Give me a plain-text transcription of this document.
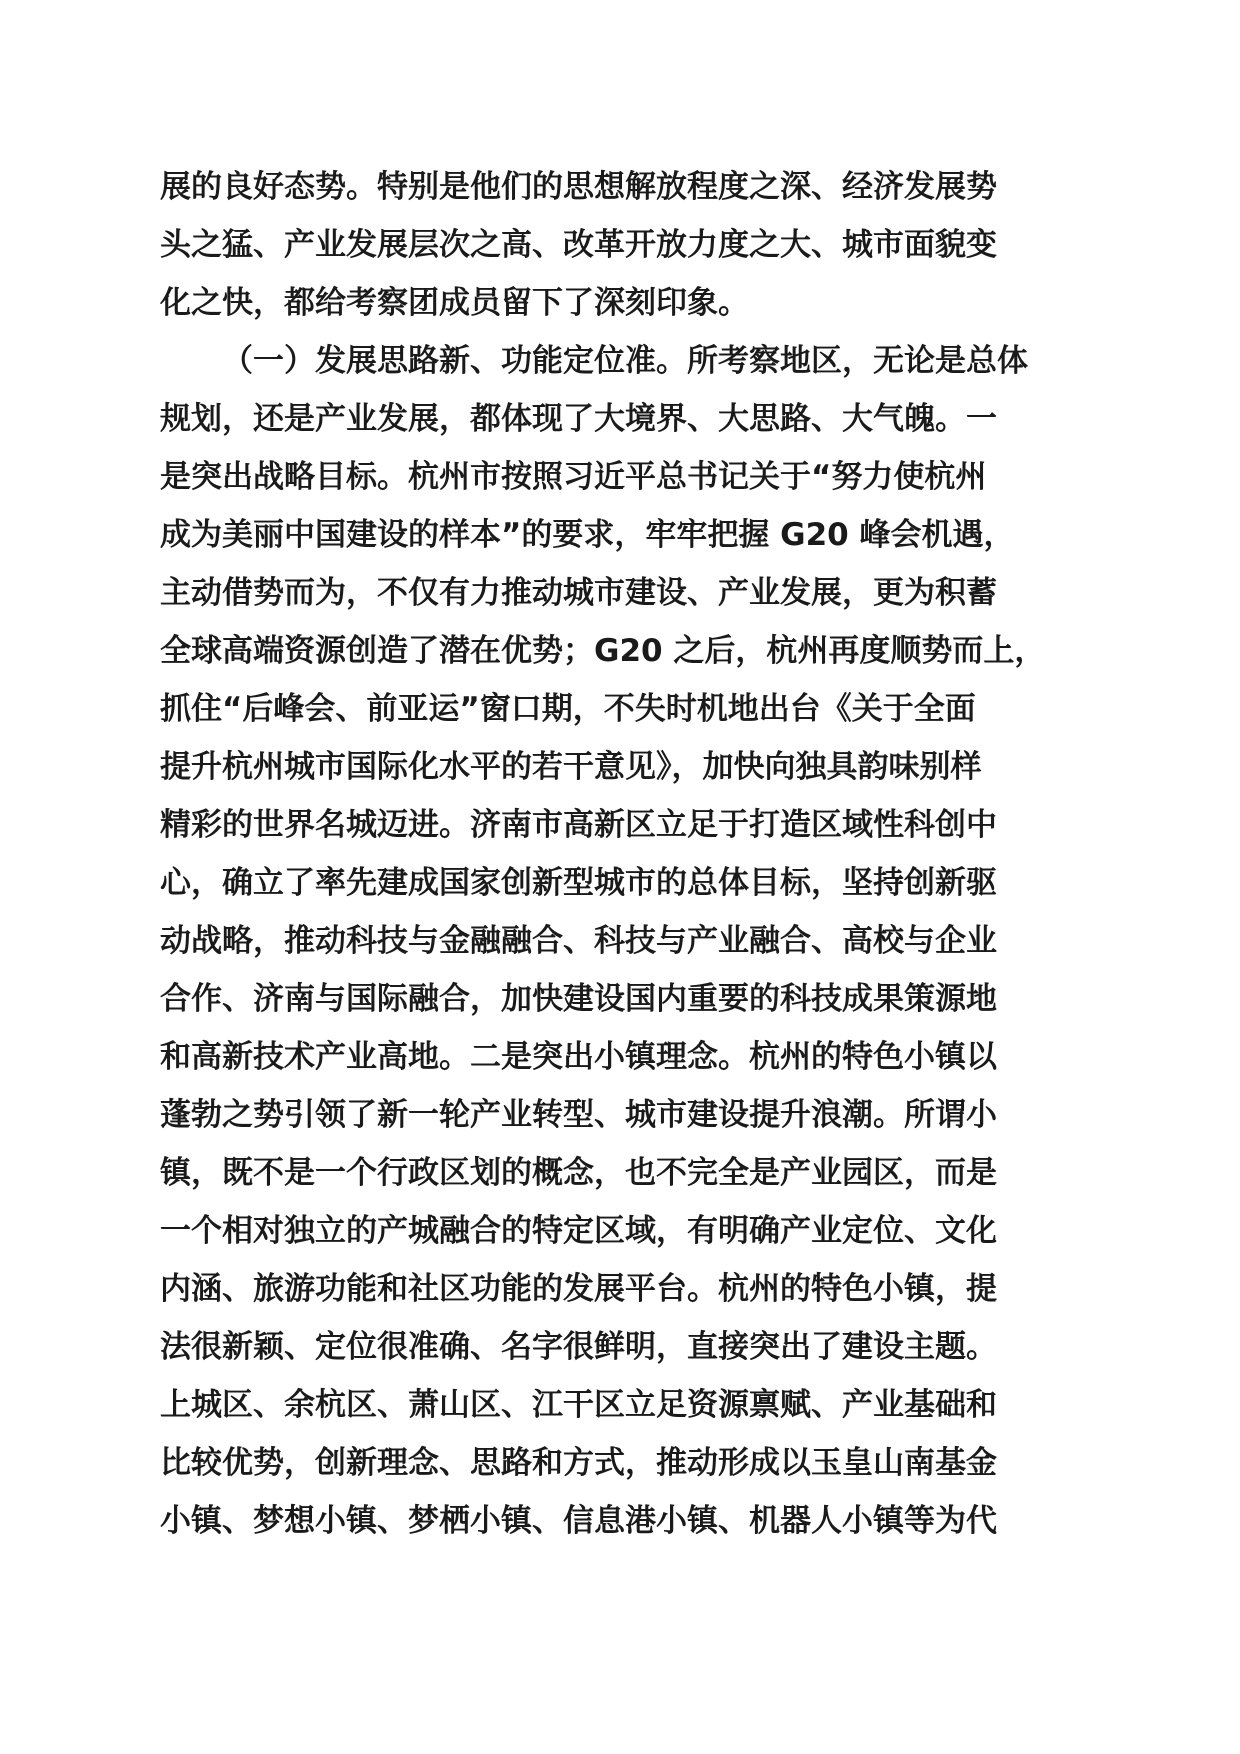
展的良好态势。特别是他们的思想解放程度之深、经济发展势
头之猛、产业发展层次之高、改革开放力度之大、城市面貌变
化之快，都给考察团成员留下了深刻印象。
（一）发展思路新、功能定位准。所考察地区，无论是总体
规划，还是产业发展，都体现了大境界、大思路、大气魄。一
是突出战略目标。杭州市按照习近平总书记关于“努力使杭州
成为美丽中国建设的样本”的要求，牢牢把握 G20 峰会机遇，
主动借势而为，不仅有力推动城市建设、产业发展，更为积蓄
全球高端资源创造了潜在优势；G20 之后，杭州再度顺势而上，
抓住“后峰会、前亚运”窗口期，不失时机地出台《关于全面
提升杭州城市国际化水平的若干意见》，加快向独具韵味别样
精彩的世界名城迈进。济南市高新区立足于打造区域性科创中
心，确立了率先建成国家创新型城市的总体目标，坚持创新驱
动战略，推动科技与金融融合、科技与产业融合、高校与企业
合作、济南与国际融合，加快建设国内重要的科技成果策源地
和高新技术产业高地。二是突出小镇理念。杭州的特色小镇以
蓬勃之势引领了新一轮产业转型、城市建设提升浪潮。所谓小
镇，既不是一个行政区划的概念，也不完全是产业园区，而是
一个相对独立的产城融合的特定区域，有明确产业定位、文化
内涵、旅游功能和社区功能的发展平台。杭州的特色小镇，提
法很新颖、定位很准确、名字很鲜明，直接突出了建设主题。
上城区、余杭区、萧山区、江干区立足资源禀赋、产业基础和
比较优势，创新理念、思路和方式，推动形成以玉皇山南基金
小镇、梦想小镇、梦栖小镇、信息港小镇、机器人小镇等为代
